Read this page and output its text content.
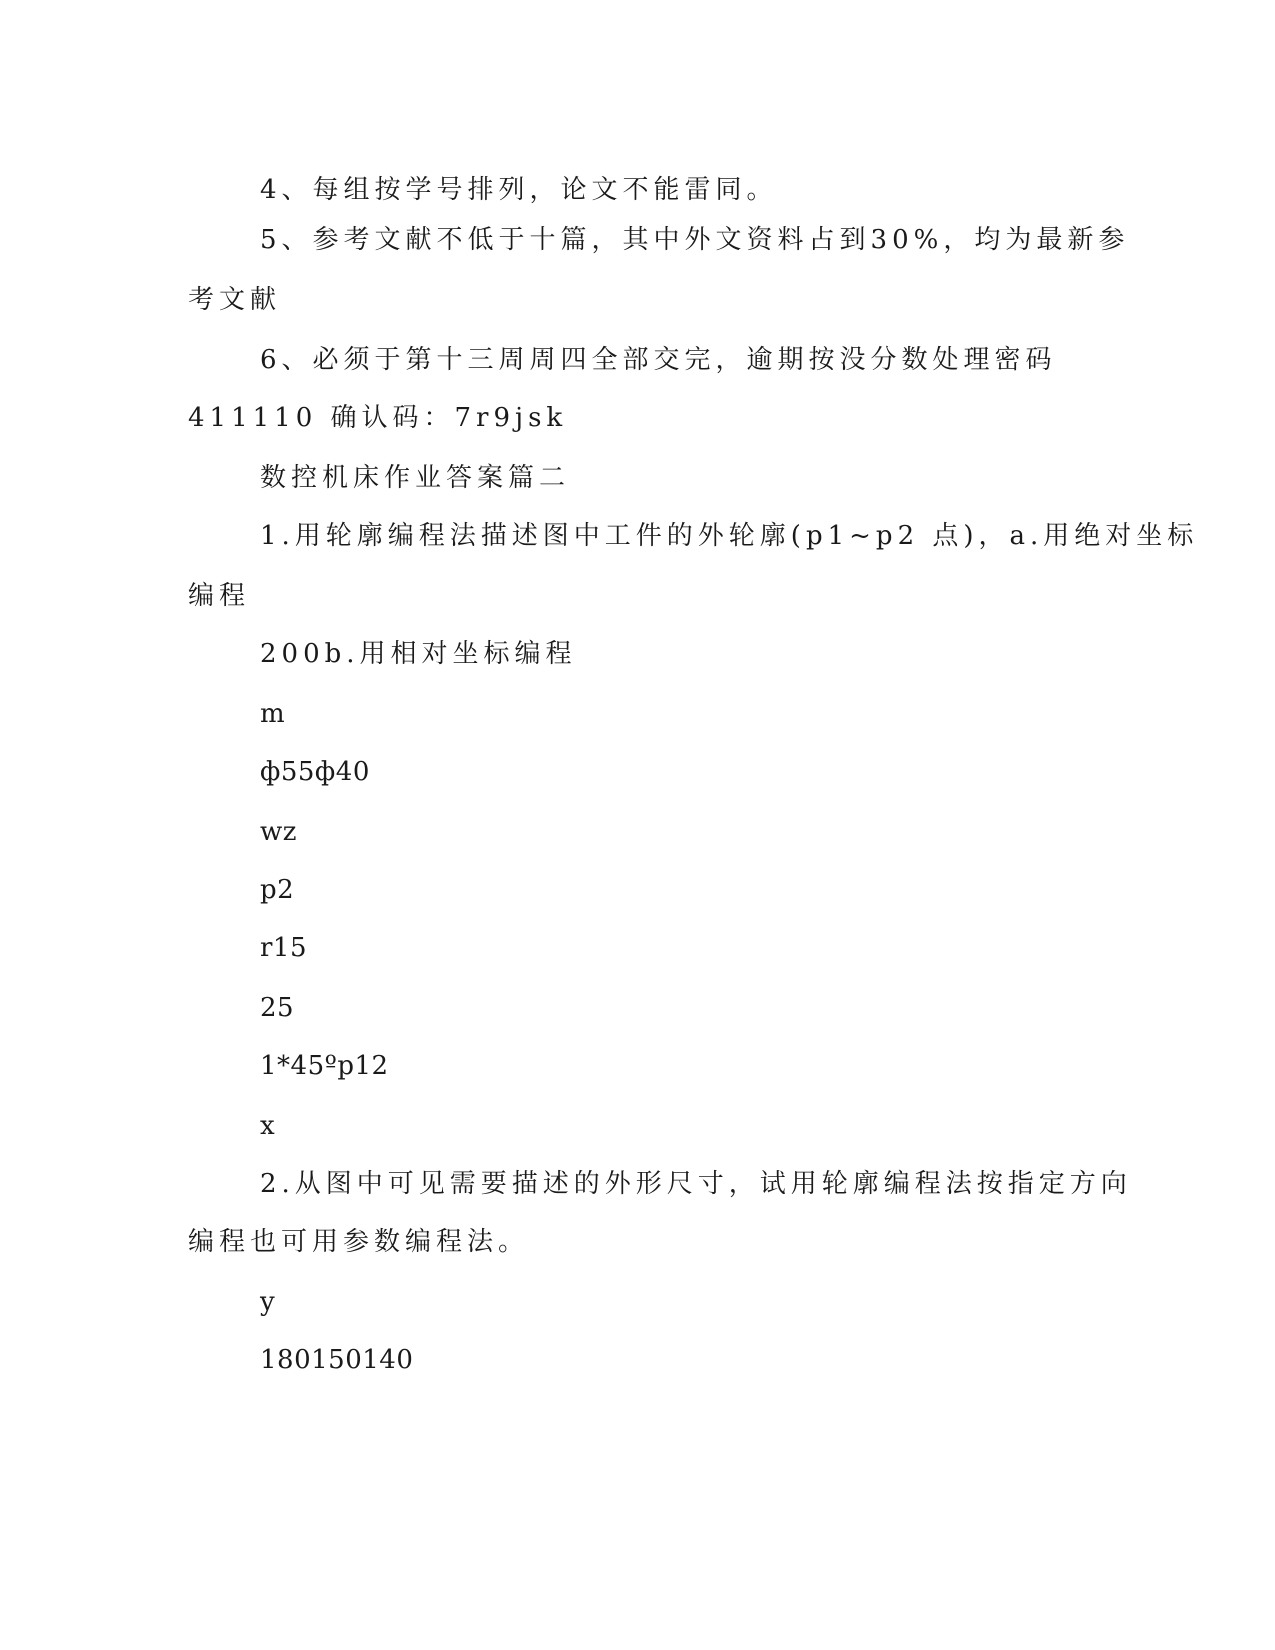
4、每组按学号排列，论文不能雷同。
5、参考文献不低于十篇，其中外文资料占到30%，均为最新参
考文献
6、必须于第十三周周四全部交完，逾期按没分数处理密码
411110 确认码：7r9jsk
数控机床作业答案篇二
1.用轮廓编程法描述图中工件的外轮廓(p1~p2 点)，a.用绝对坐标
编程
200b.用相对坐标编程
m
ф55ф40
wz
p2
r15
25
1*45ºp12
x
2.从图中可见需要描述的外形尺寸，试用轮廓编程法按指定方向
编程也可用参数编程法。
y
180150140
